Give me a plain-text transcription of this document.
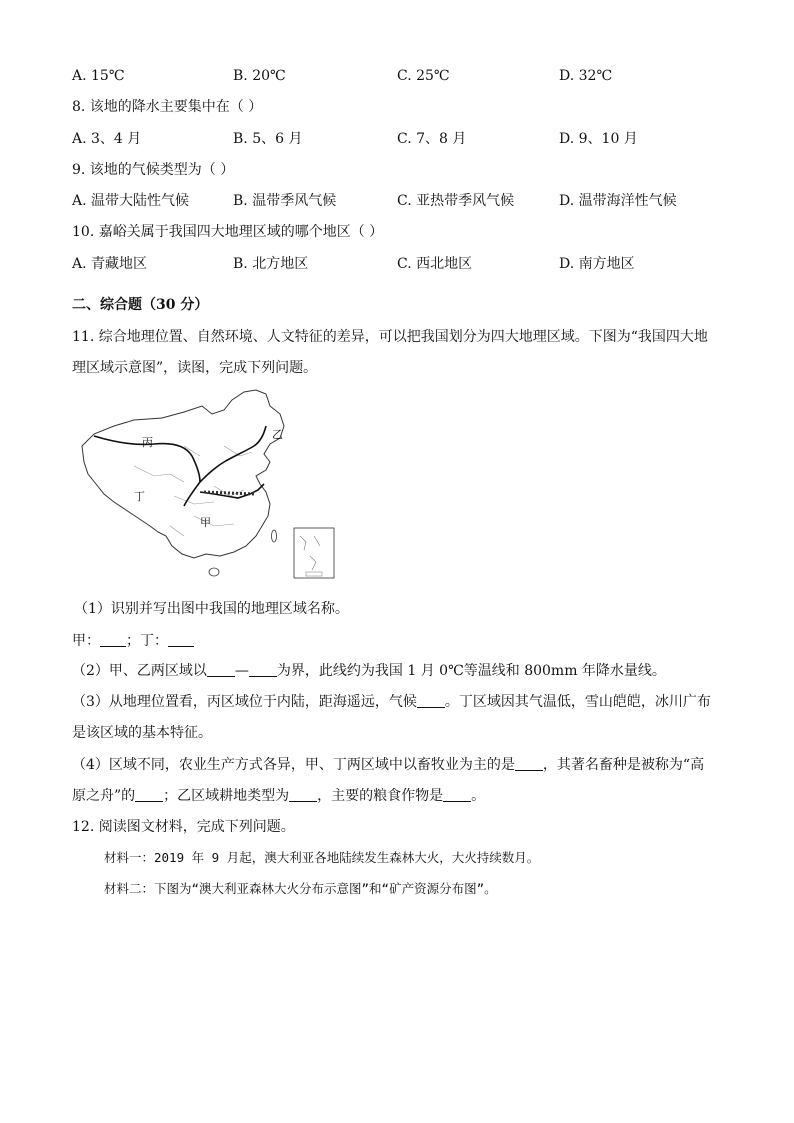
A. 15℃	B. 20℃	C. 25℃	D. 32℃
8. 该地的降水主要集中在（ ）
A. 3、4 月	B. 5、6 月	C. 7、8 月	D. 9、10 月
9. 该地的气候类型为（ ）
A. 温带大陆性气候	B. 温带季风气候	C. 亚热带季风气候	D. 温带海洋性气候
10. 嘉峪关属于我国四大地理区域的哪个地区（ ）
A. 青藏地区	B. 北方地区	C. 西北地区	D. 南方地区
二、综合题（30 分）
11. 综合地理位置、自然环境、人文特征的差异，可以把我国划分为四大地理区域。下图为“我国四大地
理区域示意图”，读图，完成下列问题。
丙
乙
丁
甲
（1）识别并写出图中我国的地理区域名称。
甲： ；丁：
（2）甲、乙两区域以 — 为界，此线约为我国 1 月 0℃等温线和 800mm 年降水量线。
（3）从地理位置看，丙区域位于内陆，距海遥远，气候 。丁区域因其气温低，雪山皑皑，冰川广布
是该区域的基本特征。
（4）区域不同，农业生产方式各异，甲、丁两区域中以畜牧业为主的是 ，其著名畜种是被称为“高
原之舟”的 ；乙区域耕地类型为 ，主要的粮食作物是 。
12. 阅读图文材料，完成下列问题。
材料一：2019 年 9 月起，澳大利亚各地陆续发生森林大火，大火持续数月。
材料二：下图为“澳大利亚森林大火分布示意图”和“矿产资源分布图”。
